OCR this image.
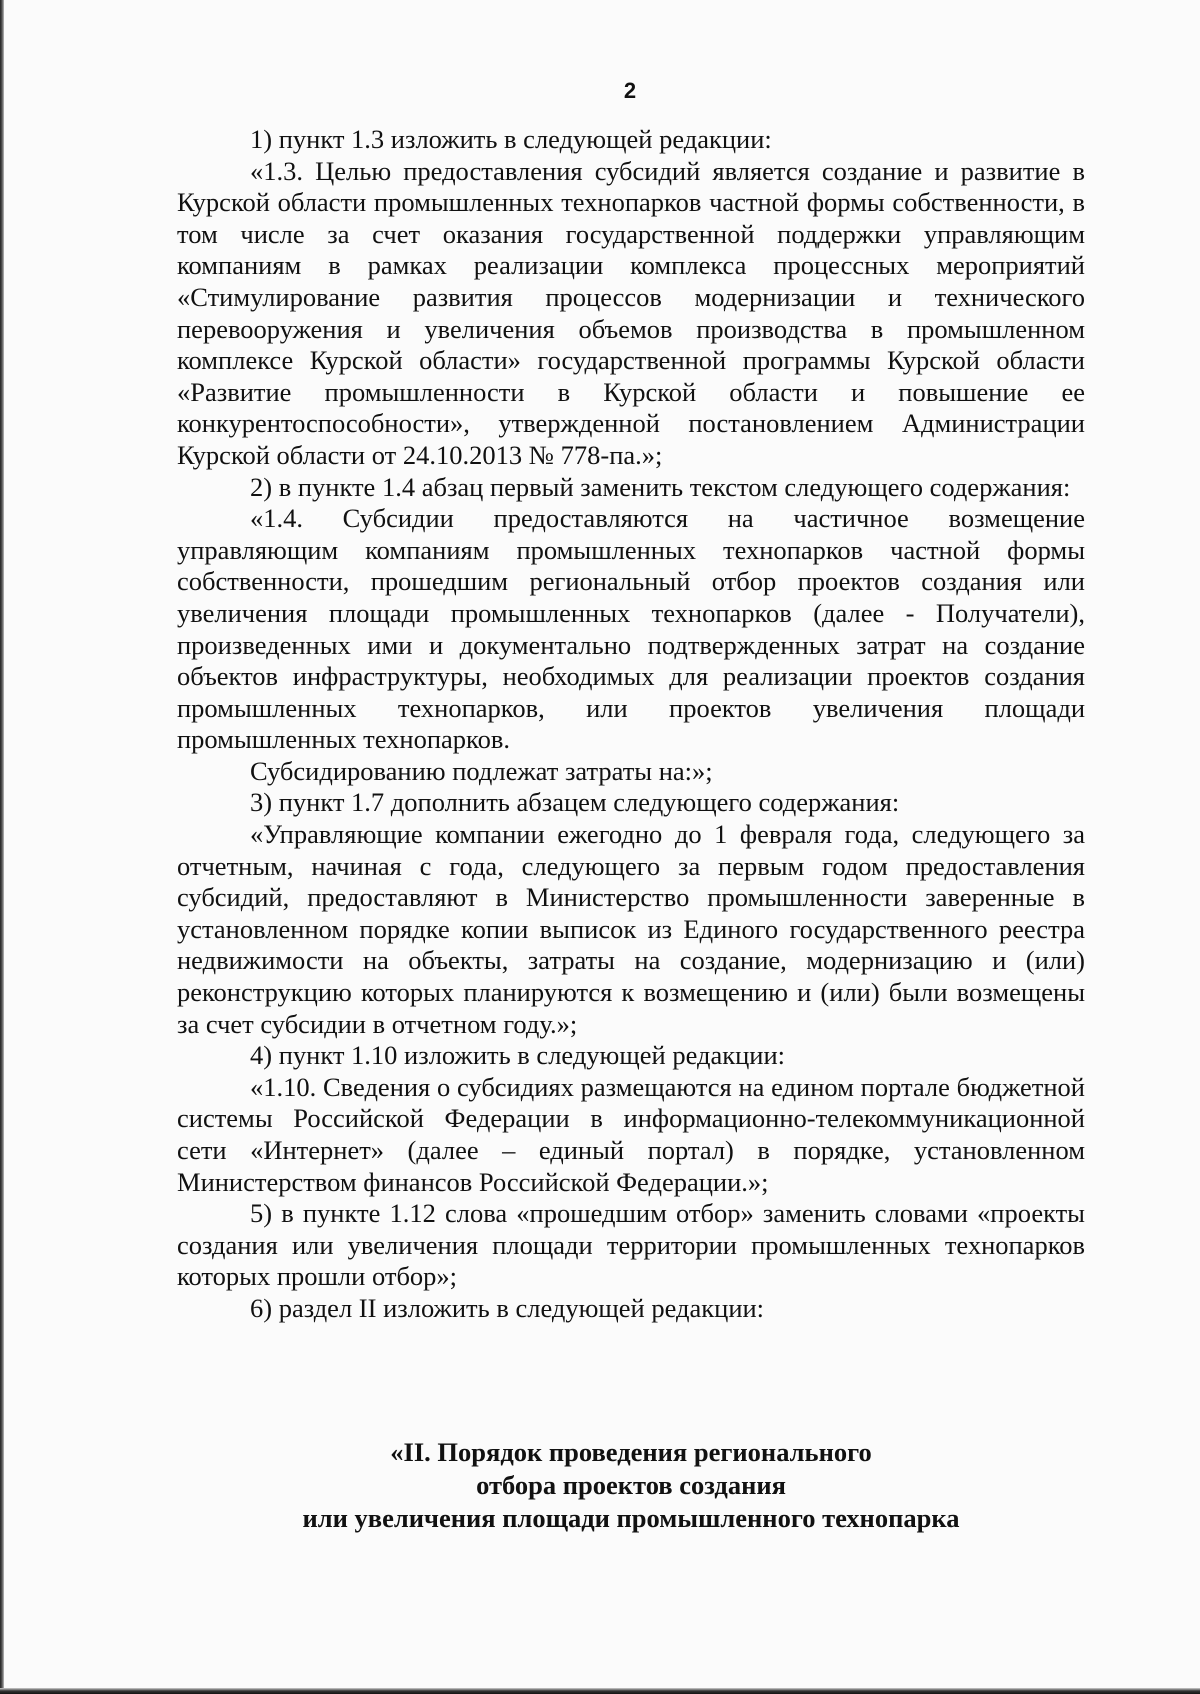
2

1) пункт 1.3 изложить в следующей редакции:

«1.3. Целью предоставления субсидий является создание и развитие в Курской области промышленных технопарков частной формы собственности, в том числе за счет оказания государственной поддержки управляющим компаниям в рамках реализации комплекса процессных мероприятий «Стимулирование развития процессов модернизации и технического перевооружения и увеличения объемов производства в промышленном комплексе Курской области» государственной программы Курской области «Развитие промышленности в Курской области и повышение ее конкурентоспособности», утвержденной постановлением Администрации Курской области от 24.10.2013 № 778-па.»;

2) в пункте 1.4 абзац первый заменить текстом следующего содержания:

«1.4. Субсидии предоставляются на частичное возмещение управляющим компаниям промышленных технопарков частной формы собственности, прошедшим региональный отбор проектов создания или увеличения площади промышленных технопарков (далее - Получатели), произведенных ими и документально подтвержденных затрат на создание объектов инфраструктуры, необходимых для реализации проектов создания промышленных технопарков, или проектов увеличения площади промышленных технопарков.

Субсидированию подлежат затраты на:»;

3) пункт 1.7 дополнить абзацем следующего содержания:

«Управляющие компании ежегодно до 1 февраля года, следующего за отчетным, начиная с года, следующего за первым годом предоставления субсидий, предоставляют в Министерство промышленности заверенные в установленном порядке копии выписок из Единого государственного реестра недвижимости на объекты, затраты на создание, модернизацию и (или) реконструкцию которых планируются к возмещению и (или) были возмещены за счет субсидии в отчетном году.»;

4) пункт 1.10 изложить в следующей редакции:

«1.10. Сведения о субсидиях размещаются на едином портале бюджетной системы Российской Федерации в информационно-телекоммуникационной сети «Интернет» (далее – единый портал) в порядке, установленном Министерством финансов Российской Федерации.»;

5) в пункте 1.12 слова «прошедшим отбор» заменить словами «проекты создания или увеличения площади территории промышленных технопарков которых прошли отбор»;

6) раздел II изложить в следующей редакции:

«II. Порядок проведения регионального
отбора проектов создания
или увеличения площади промышленного технопарка
